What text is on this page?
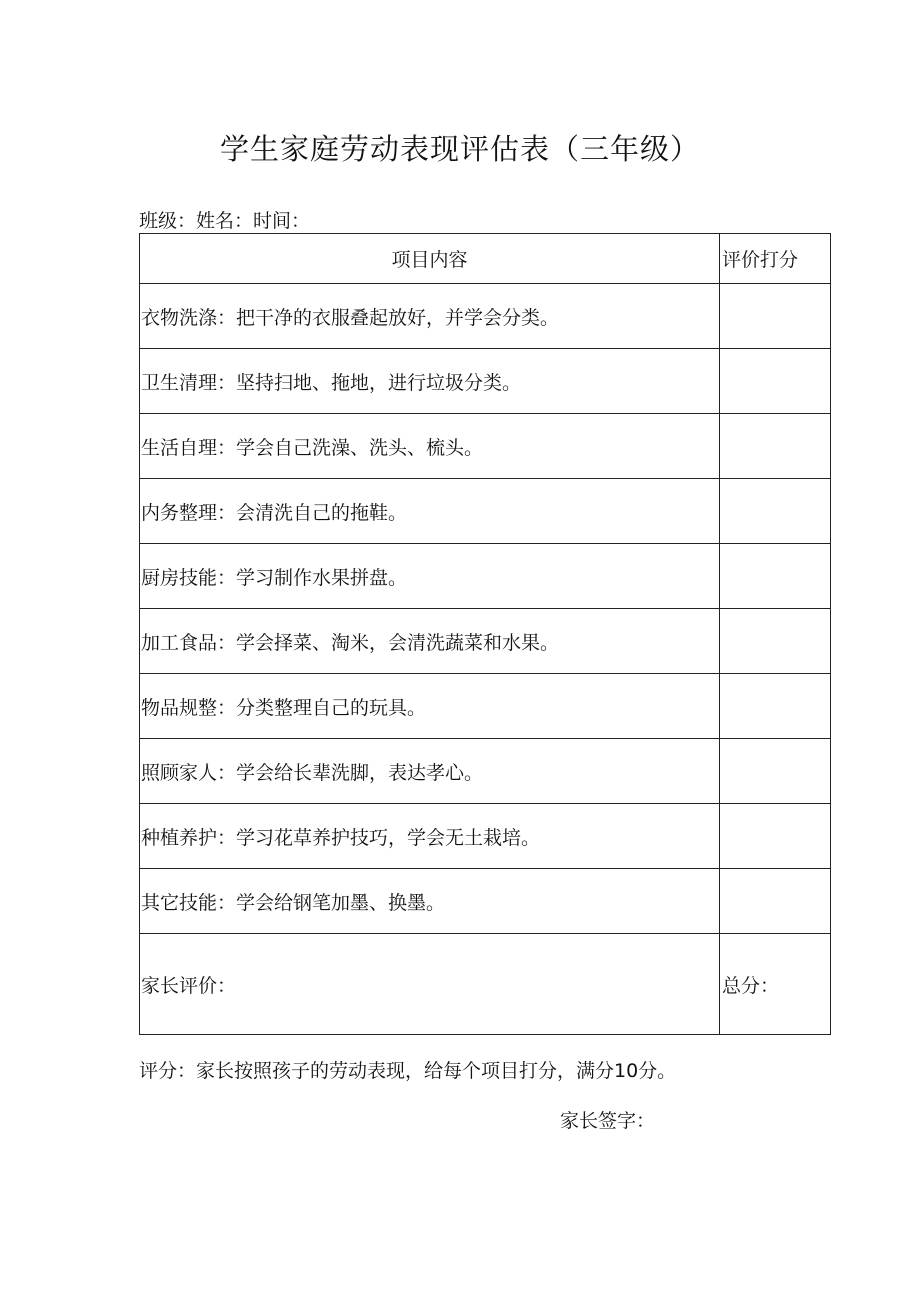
学生家庭劳动表现评估表（三年级）
班级：姓名：时间：
项目内容	评价打分
衣物洗涤：把干净的衣服叠起放好，并学会分类。	
卫生清理：坚持扫地、拖地，进行垃圾分类。	
生活自理：学会自己洗澡、洗头、梳头。	
内务整理：会清洗自己的拖鞋。	
厨房技能：学习制作水果拼盘。	
加工食品：学会择菜、淘米，会清洗蔬菜和水果。	
物品规整：分类整理自己的玩具。	
照顾家人：学会给长辈洗脚，表达孝心。	
种植养护：学习花草养护技巧，学会无土栽培。	
其它技能：学会给钢笔加墨、换墨。	
家长评价：	总分：
评分：家长按照孩子的劳动表现，给每个项目打分，满分10分。
家长签字：
